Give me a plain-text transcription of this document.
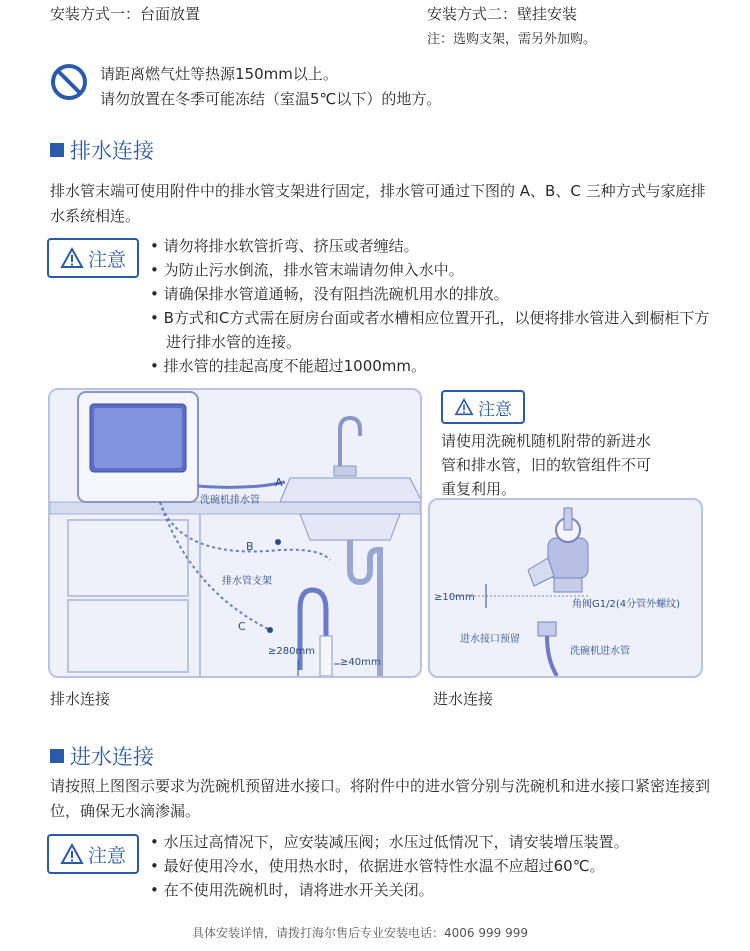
安装方式一：台面放置	安装方式二：壁挂安装
注：选购支架，需另外加购。
请距离燃气灶等热源150mm以上。
请勿放置在冬季可能冻结（室温5℃以下）的地方。
排水连接
排水管末端可使用附件中的排水管支架进行固定，排水管可通过下图的 A、B、C 三种方式与家庭排水系统相连。
注意
• 请勿将排水软管折弯、挤压或者缠结。
• 为防止污水倒流，排水管末端请勿伸入水中。
• 请确保排水管道通畅，没有阻挡洗碗机用水的排放。
• B方式和C方式需在厨房台面或者水槽相应位置开孔，以便将排水管进入到橱柜下方进行排水管的连接。
• 排水管的挂起高度不能超过1000mm。
洗碗机排水管
A
B
C
排水管支架
≥280mm
≥40mm
排水连接
注意
请使用洗碗机随机附带的新进水
管和排水管，旧的软管组件不可
重复利用。
≥10mm
角阀G1/2(4分管外螺纹)
进水接口预留
洗碗机进水管
进水连接
进水连接
请按照上图图示要求为洗碗机预留进水接口。将附件中的进水管分别与洗碗机和进水接口紧密连接到位，确保无水滴渗漏。
注意
• 水压过高情况下，应安装减压阀；水压过低情况下，请安装增压装置。
• 最好使用冷水，使用热水时，依据进水管特性水温不应超过60℃。
• 在不使用洗碗机时，请将进水开关关闭。
具体安装详情，请拨打海尔售后专业安装电话：4006 999 999
